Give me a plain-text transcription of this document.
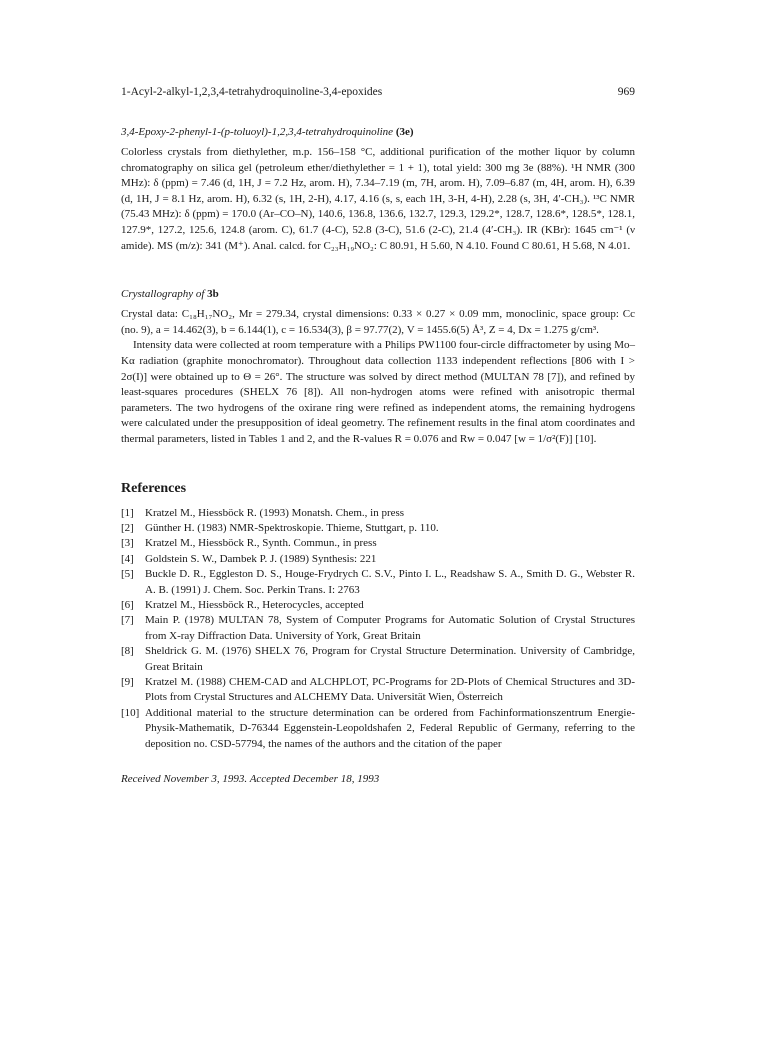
1-Acyl-2-alkyl-1,2,3,4-tetrahydroquinoline-3,4-epoxides	969
3,4-Epoxy-2-phenyl-1-(p-toluoyl)-1,2,3,4-tetrahydroquinoline (3e)

Colorless crystals from diethylether, m.p. 156–158 °C, additional purification of the mother liquor by column chromatography on silica gel (petroleum ether/diethylether = 1 + 1), total yield: 300 mg 3e (88%). ¹H NMR (300 MHz): δ (ppm) = 7.46 (d, 1H, J = 7.2 Hz, arom. H), 7.34–7.19 (m, 7H, arom. H), 7.09–6.87 (m, 4H, arom. H), 6.39 (d, 1H, J = 8.1 Hz, arom. H), 6.32 (s, 1H, 2-H), 4.17, 4.16 (s, s, each 1H, 3-H, 4-H), 2.28 (s, 3H, 4′-CH₃). ¹³C NMR (75.43 MHz): δ (ppm) = 170.0 (Ar–CO–N), 140.6, 136.8, 136.6, 132.7, 129.3, 129.2*, 128.7, 128.6*, 128.5*, 128.1, 127.9*, 127.2, 125.6, 124.8 (arom. C), 61.7 (4-C), 52.8 (3-C), 51.6 (2-C), 21.4 (4′-CH₃). IR (KBr): 1645 cm⁻¹ (ν amide). MS (m/z): 341 (M⁺). Anal. calcd. for C₂₃H₁₉NO₂: C 80.91, H 5.60, N 4.10. Found C 80.61, H 5.68, N 4.01.

Crystallography of 3b

Crystal data: C₁₈H₁₇NO₂, Mr = 279.34, crystal dimensions: 0.33 × 0.27 × 0.09 mm, monoclinic, space group: Cc (no. 9), a = 14.462(3), b = 6.144(1), c = 16.534(3), β = 97.77(2), V = 1455.6(5) Å³, Z = 4, Dx = 1.275 g/cm³.

Intensity data were collected at room temperature with a Philips PW1100 four-circle diffractometer by using Mo–Kα radiation (graphite monochromator). Throughout data collection 1133 independent reflections [806 with I > 2σ(I)] were obtained up to Θ = 26°. The structure was solved by direct method (MULTAN 78 [7]), and refined by least-squares procedures (SHELX 76 [8]). All non-hydrogen atoms were refined with anisotropic thermal parameters. The two hydrogens of the oxirane ring were refined as independent atoms, the remaining hydrogens were calculated under the presupposition of ideal geometry. The refinement results in the final atom coordinates and thermal parameters, listed in Tables 1 and 2, and the R-values R = 0.076 and Rw = 0.047 [w = 1/σ²(F)] [10].

References
[1]	Kratzel M., Hiessböck R. (1993) Monatsh. Chem., in press
[2]	Günther H. (1983) NMR-Spektroskopie. Thieme, Stuttgart, p. 110.
[3]	Kratzel M., Hiessböck R., Synth. Commun., in press
[4]	Goldstein S. W., Dambek P. J. (1989) Synthesis: 221
[5]	Buckle D. R., Eggleston D. S., Houge-Frydrych C. S.V., Pinto I. L., Readshaw S. A., Smith D. G., Webster R. A. B. (1991) J. Chem. Soc. Perkin Trans. I: 2763
[6]	Kratzel M., Hiessböck R., Heterocycles, accepted
[7]	Main P. (1978) MULTAN 78, System of Computer Programs for Automatic Solution of Crystal Structures from X-ray Diffraction Data. University of York, Great Britain
[8]	Sheldrick G. M. (1976) SHELX 76, Program for Crystal Structure Determination. University of Cambridge, Great Britain
[9]	Kratzel M. (1988) CHEM-CAD and ALCHPLOT, PC-Programs for 2D-Plots of Chemical Structures and 3D-Plots from Crystal Structures and ALCHEMY Data. Universität Wien, Österreich
[10] Additional material to the structure determination can be ordered from Fachinformationszentrum Energie-Physik-Mathematik, D-76344 Eggenstein-Leopoldshafen 2, Federal Republic of Germany, referring to the deposition no. CSD-57794, the names of the authors and the citation of the paper
Received November 3, 1993. Accepted December 18, 1993
